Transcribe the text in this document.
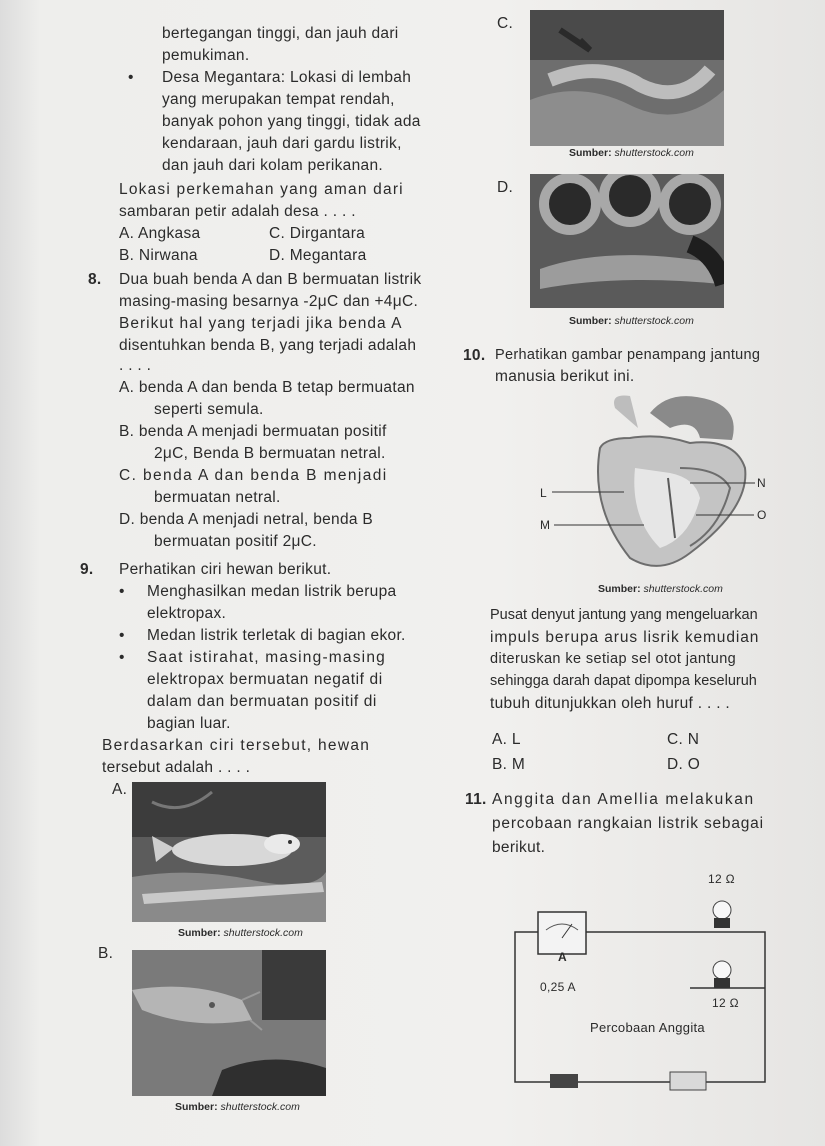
bertegangan tinggi, dan jauh dari
pemukiman.
• Desa Megantara: Lokasi di lembah
yang merupakan tempat rendah,
banyak pohon yang tinggi, tidak ada
kendaraan, jauh dari gardu listrik,
dan jauh dari kolam perikanan.
Lokasi perkemahan yang aman dari
sambaran petir adalah desa . . . .
A. Angkasa	C. Dirgantara
B. Nirwana	D. Megantara
8. Dua buah benda A dan B bermuatan listrik
masing-masing besarnya -2μC dan +4μC.
Berikut hal yang terjadi jika benda A
disentuhkan benda B, yang terjadi adalah
. . . .
A. benda A dan benda B tetap bermuatan
seperti semula.
B. benda A menjadi bermuatan positif
2μC, Benda B bermuatan netral.
C. benda A dan benda B menjadi
bermuatan netral.
D. benda A menjadi netral, benda B
bermuatan positif 2μC.
9. Perhatikan ciri hewan berikut.
• Menghasilkan medan listrik berupa
elektropax.
• Medan listrik terletak di bagian ekor.
• Saat istirahat, masing-masing
elektropax bermuatan negatif di
dalam dan bermuatan positif di
bagian luar.
Berdasarkan ciri tersebut, hewan
tersebut adalah . . . .
A.
Sumber: shutterstock.com
B.
Sumber: shutterstock.com
C.
Sumber: shutterstock.com
D.
Sumber: shutterstock.com
10. Perhatikan gambar penampang jantung
manusia berikut ini.
L
M
N
O
Sumber: shutterstock.com
Pusat denyut jantung yang mengeluarkan
impuls berupa arus lisrik kemudian
diteruskan ke setiap sel otot jantung
sehingga darah dapat dipompa keseluruh
tubuh ditunjukkan oleh huruf . . . .
A. L	C. N
B. M	D. O
11. Anggita dan Amellia melakukan
percobaan rangkaian listrik sebagai
berikut.
12 Ω
A
0,25 A
12 Ω
Percobaan Anggita
